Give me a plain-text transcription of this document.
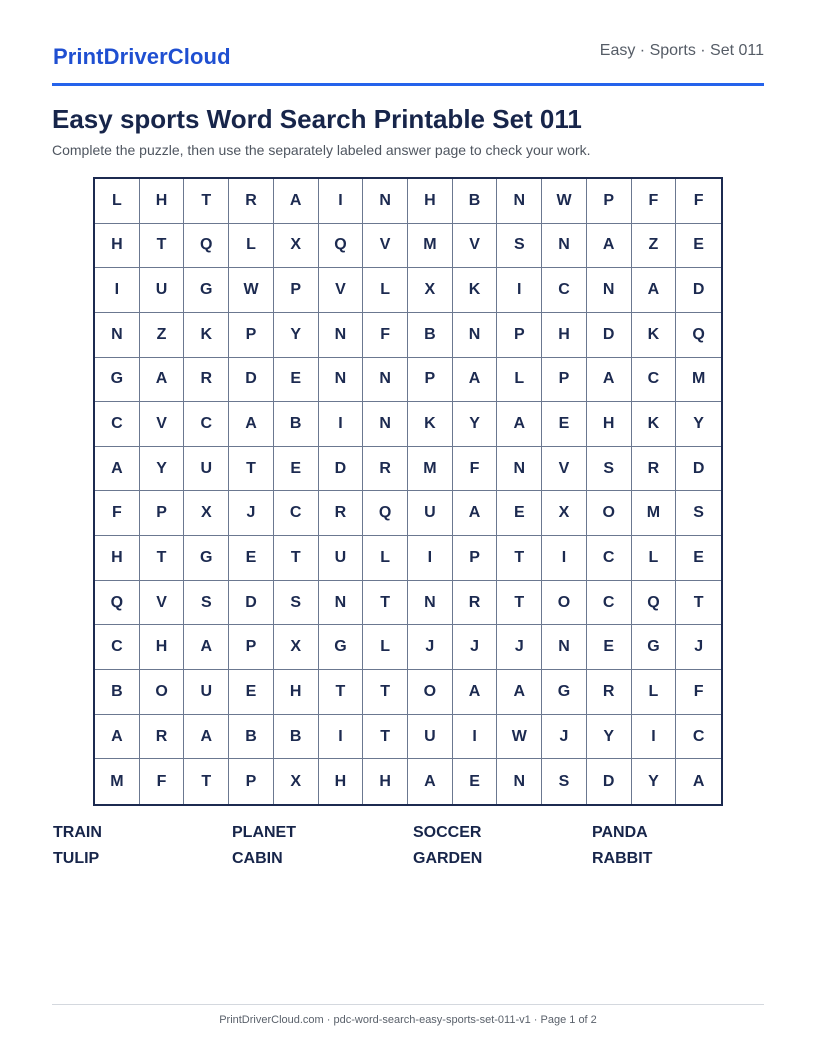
PrintDriverCloud	Easy · Sports · Set 011
Easy sports Word Search Printable Set 011

Complete the puzzle, then use the separately labeled answer page to check your work.

L	H	T	R	A	I	N	H	B	N	W	P	F	F
H	T	Q	L	X	Q	V	M	V	S	N	A	Z	E
I	U	G	W	P	V	L	X	K	I	C	N	A	D
N	Z	K	P	Y	N	F	B	N	P	H	D	K	Q
G	A	R	D	E	N	N	P	A	L	P	A	C	M
C	V	C	A	B	I	N	K	Y	A	E	H	K	Y
A	Y	U	T	E	D	R	M	F	N	V	S	R	D
F	P	X	J	C	R	Q	U	A	E	X	O	M	S
H	T	G	E	T	U	L	I	P	T	I	C	L	E
Q	V	S	D	S	N	T	N	R	T	O	C	Q	T
C	H	A	P	X	G	L	J	J	J	N	E	G	J
B	O	U	E	H	T	T	O	A	A	G	R	L	F
A	R	A	B	B	I	T	U	I	W	J	Y	I	C
M	F	T	P	X	H	H	A	E	N	S	D	Y	A
TRAIN	PLANET	SOCCER	PANDA
TULIP	CABIN	GARDEN	RABBIT
PrintDriverCloud.com · pdc-word-search-easy-sports-set-011-v1 · Page 1 of 2
